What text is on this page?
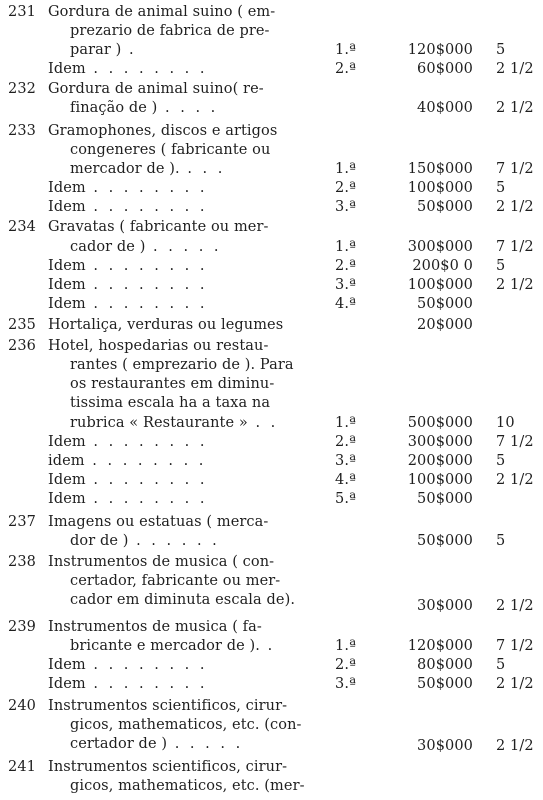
231 Gordura de animal suino ( em-
prezario de fabrica de pre-
parar ) .	1.ª	120$000 5
Idem . . . . . . . .	2.ª	60$000 2 1/2
232 Gordura de animal suino( re-
finação de ) . . . .	40$000 2 1/2
233 Gramophones, discos e artigos
congeneres ( fabricante ou
mercador de ). . . .	1.ª	150$000 7 1/2
Idem . . . . . . . .	2.ª	100$000 5
Idem . . . . . . . .	3.ª	50$000 2 1/2
234 Gravatas ( fabricante ou mer-
cador de ) . . . . .	1.ª	300$000 7 1/2
Idem . . . . . . . .	2.ª	200$0 0 5
Idem . . . . . . . .	3.ª	100$000 2 1/2
Idem . . . . . . . .	4.ª	50$000
235 Hortaliça, verduras ou legumes	20$000
236 Hotel, hospedarias ou restau-
rantes ( emprezario de ). Para
os restaurantes em diminu-
tissima escala ha a taxa na
rubrica « Restaurante » . .	1.ª	500$000 10
Idem . . . . . . . .	2.ª	300$000 7 1/2
idem . . . . . . . .	3.ª	200$000 5
Idem . . . . . . . .	4.ª	100$000 2 1/2
Idem . . . . . . . .	5.ª	50$000
237 Imagens ou estatuas ( merca-
dor de ) . . . . . .	50$000 5
238 Instrumentos de musica ( con-
certador, fabricante ou mer-
cador em diminuta escala de).	30$000 2 1/2
239 Instrumentos de musica ( fa-
bricante e mercador de ). .	1.ª	120$000 7 1/2
Idem . . . . . . . .	2.ª	80$000 5
Idem . . . . . . . .	3.ª	50$000 2 1/2
240 Instrumentos scientificos, cirur-
gicos, mathematicos, etc. (con-
certador de ) . . . . .	30$000 2 1/2
241 Instrumentos scientificos, cirur-
gicos, mathematicos, etc. (mer-
